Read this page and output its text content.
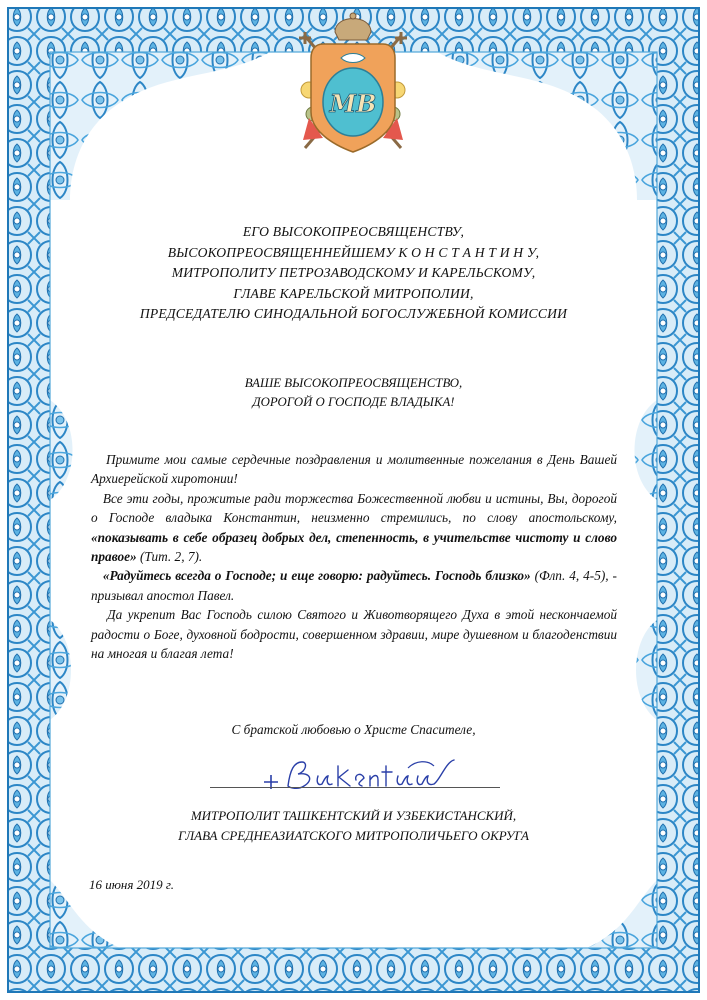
MB
ЕГО ВЫСОКОПРЕОСВЯЩЕНСТВУ,
ВЫСОКОПРЕОСВЯЩЕННЕЙШЕМУ К О Н С Т А Н Т И Н У,
МИТРОПОЛИТУ ПЕТРОЗАВОДСКОМУ И КАРЕЛЬСКОМУ,
ГЛАВЕ КАРЕЛЬСКОЙ МИТРОПОЛИИ,
ПРЕДСЕДАТЕЛЮ СИНОДАЛЬНОЙ БОГОСЛУЖЕБНОЙ КОМИССИИ
ВАШЕ ВЫСОКОПРЕОСВЯЩЕНСТВО,
ДОРОГОЙ О ГОСПОДЕ ВЛАДЫКА!

Примите мои самые сердечные поздравления и молитвенные пожелания в День Вашей Архиерейской хиротонии!

Все эти годы, прожитые ради торжества Божественной любви и истины, Вы, дорогой о Господе владыка Константин, неизменно стремились, по слову апостольскому, «показывать в себе образец добрых дел, степенность, в учительстве чистоту и слово правое» (Тит. 2, 7).

«Радуйтесь всегда о Господе; и еще говорю: радуйтесь. Господь близко» (Флп. 4, 4-5), - призывал апостол Павел.

Да укрепит Вас Господь силою Святого и Животворящего Духа в этой нескончаемой радости о Боге, духовной бодрости, совершенном здравии, мире душевном и благоденствии на многая и благая лета!

С братской любовью о Христе Спасителе,
МИТРОПОЛИТ ТАШКЕНТСКИЙ И УЗБЕКИСТАНСКИЙ,
ГЛАВА СРЕДНЕАЗИАТСКОГО МИТРОПОЛИЧЬЕГО ОКРУГА
16 июня 2019 г.
